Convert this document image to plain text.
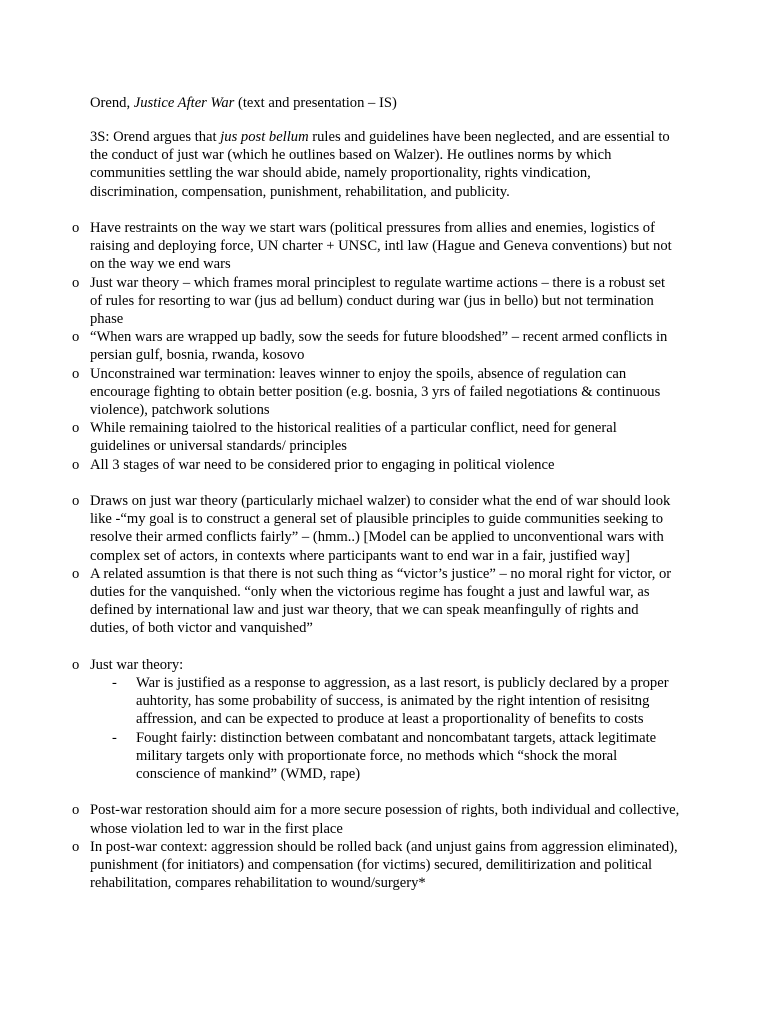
Orend, Justice After War (text and presentation – IS)
3S: Orend argues that jus post bellum rules and guidelines have been neglected, and are essential to the conduct of just war (which he outlines based on Walzer). He outlines norms by which communities settling the war should abide, namely proportionality, rights vindication, discrimination, compensation, punishment, rehabilitation, and publicity.
o Have restraints on the way we start wars (political pressures from allies and enemies, logistics of raising and deploying force, UN charter + UNSC, intl law (Hague and Geneva conventions) but not on the way we end wars
o Just war theory – which frames moral principlest to regulate wartime actions – there is a robust set of rules for resorting to war (jus ad bellum) conduct during war (jus in bello) but not termination phase
o “When wars are wrapped up badly, sow the seeds for future bloodshed” – recent armed conflicts in persian gulf, bosnia, rwanda, kosovo
o Unconstrained war termination: leaves winner to enjoy the spoils, absence of regulation can encourage fighting to obtain better position (e.g. bosnia, 3 yrs of failed negotiations & continuous violence), patchwork solutions
o While remaining taiolred to the historical realities of a particular conflict, need for general guidelines or universal standards/ principles
o All 3 stages of war need to be considered prior to engaging in political violence
o Draws on just war theory (particularly michael walzer) to consider what the end of war should look like -“my goal is to construct a general set of plausible principles to guide communities seeking to resolve their armed conflicts fairly” – (hmm..) [Model can be applied to unconventional wars with complex set of actors, in contexts where participants want to end war in a fair, justified way]
o A related assumtion is that there is not such thing as “victor’s justice” – no moral right for victor, or duties for the vanquished. “only when the victorious regime has fought a just and lawful war, as defined by international law and just war theory, that we can speak meanfingully of rights and duties, of both victor and vanquished”
o Just war theory:
- War is justified as a response to aggression, as a last resort, is publicly declared by a proper auhtority, has some probability of success, is animated by the right intention of resisitng affression, and can be expected to produce at least a proportionality of benefits to costs
- Fought fairly: distinction between combatant and noncombatant targets, attack legitimate military targets only with proportionate force, no methods which “shock the moral conscience of mankind” (WMD, rape)
o Post-war restoration should aim for a more secure posession of rights, both individual and collective, whose violation led to war in the first place
o In post-war context: aggression should be rolled back (and unjust gains from aggression eliminated), punishment (for initiators) and compensation (for victims) secured, demilitirization and political rehabilitation, compares rehabilitation to wound/surgery*
